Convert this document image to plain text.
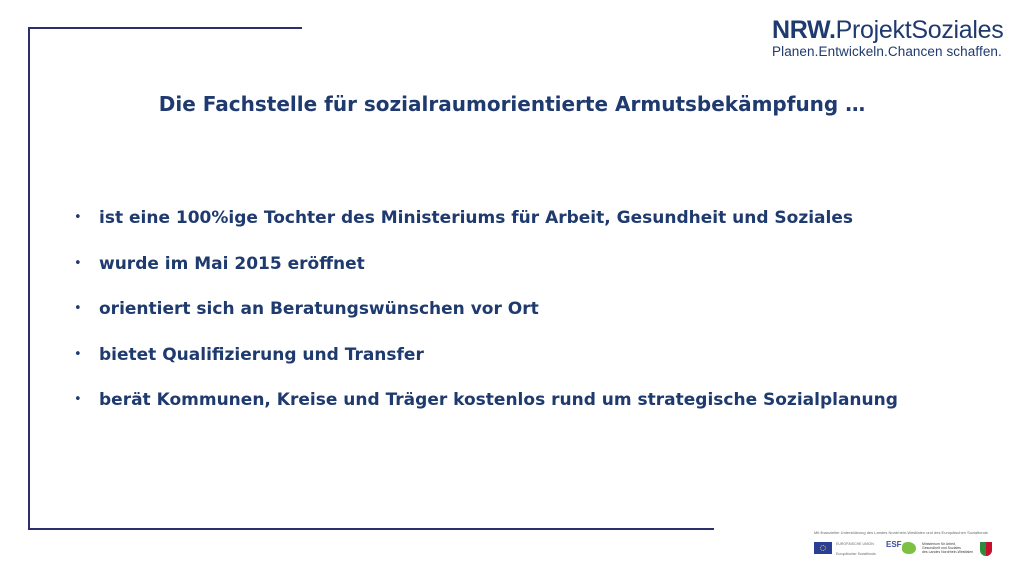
NRW.ProjektSoziales
Planen.Entwickeln.Chancen schaffen.
Die Fachstelle für sozialraumorientierte Armutsbekämpfung …
•	ist eine 100%ige Tochter des Ministeriums für Arbeit, Gesundheit und Soziales
•	wurde im Mai 2015 eröffnet
•	orientiert sich an Beratungswünschen vor Ort
•	bietet Qualifizierung und Transfer
•	berät Kommunen, Kreise und Träger kostenlos rund um strategische Sozialplanung
Mit finanzieller Unterstützung des Landes Nordrhein-Westfalen und des Europäischen Sozialfonds
EUROPÄISCHE UNION
Europäischer Sozialfonds
ESF	Ministerium für Arbeit,
Gesundheit und Soziales
des Landes Nordrhein-Westfalen
